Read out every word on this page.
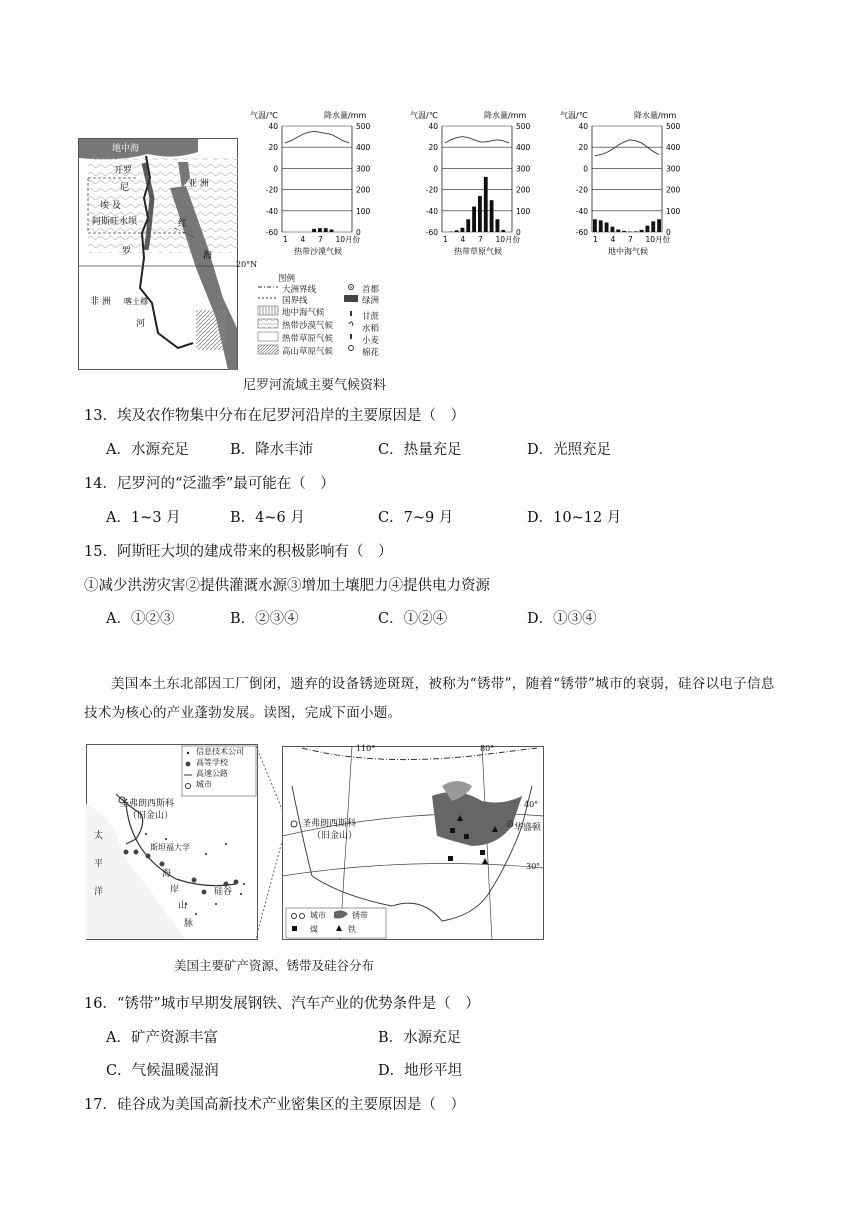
地中海
开罗
尼
埃 及
阿斯旺水坝
亚 洲
红
罗	海
非 洲 喀土穆
河
20°N
图例
大洲界线
国界线
地中海气候
热带沙漠气候
热带草原气候
高山草原气候
首都
绿洲
甘蔗
水稻
小麦
棉花
气温/℃	降水量/mm
40	500
20	400
0	300
-20	200
-40	100
-60	0
1 4 7 10月份
热带沙漠气候
气温/℃	降水量/mm
40	500
20	400
0	300
-20	200
-40	100
-60	0
1 4 7 10月份
热带草原气候
气温/℃	降水量/mm
40	500
20	400
0	300
-20	200
-40	100
-60	0
1 4 7 10月份
地中海气候
尼罗河流域主要气候资料
13．埃及农作物集中分布在尼罗河沿岸的主要原因是（　）
A．水源充足	B．降水丰沛	C．热量充足	D．光照充足
14．尼罗河的“泛滥季”最可能在（　）
A．1~3 月	B．4~6 月	C．7~9 月	D．10~12 月
15．阿斯旺大坝的建成带来的积极影响有（　）
①减少洪涝灾害②提供灌溉水源③增加土壤肥力④提供电力资源
A．①②③	B．②③④	C．①②④	D．①③④
美国本土东北部因工厂倒闭，遗弃的设备锈迹斑斑，被称为“锈带”，随着“锈带”城市的衰弱，硅谷以电子信息技术为核心的产业蓬勃发展。读图，完成下面小题。
信息技术公司
高等学校
高速公路
城市
圣弗朗西斯科
（旧金山）
斯坦福大学
硅谷
太
平
洋
海
岸
山
脉
110°	80°
40°
30°
圣弗朗西斯科
（旧金山）
华盛顿
城市	锈带
煤	铁
美国主要矿产资源、锈带及硅谷分布
16．“锈带”城市早期发展钢铁、汽车产业的优势条件是（　）
A．矿产资源丰富	B．水源充足
C．气候温暖湿润	D．地形平坦
17．硅谷成为美国高新技术产业密集区的主要原因是（　）
